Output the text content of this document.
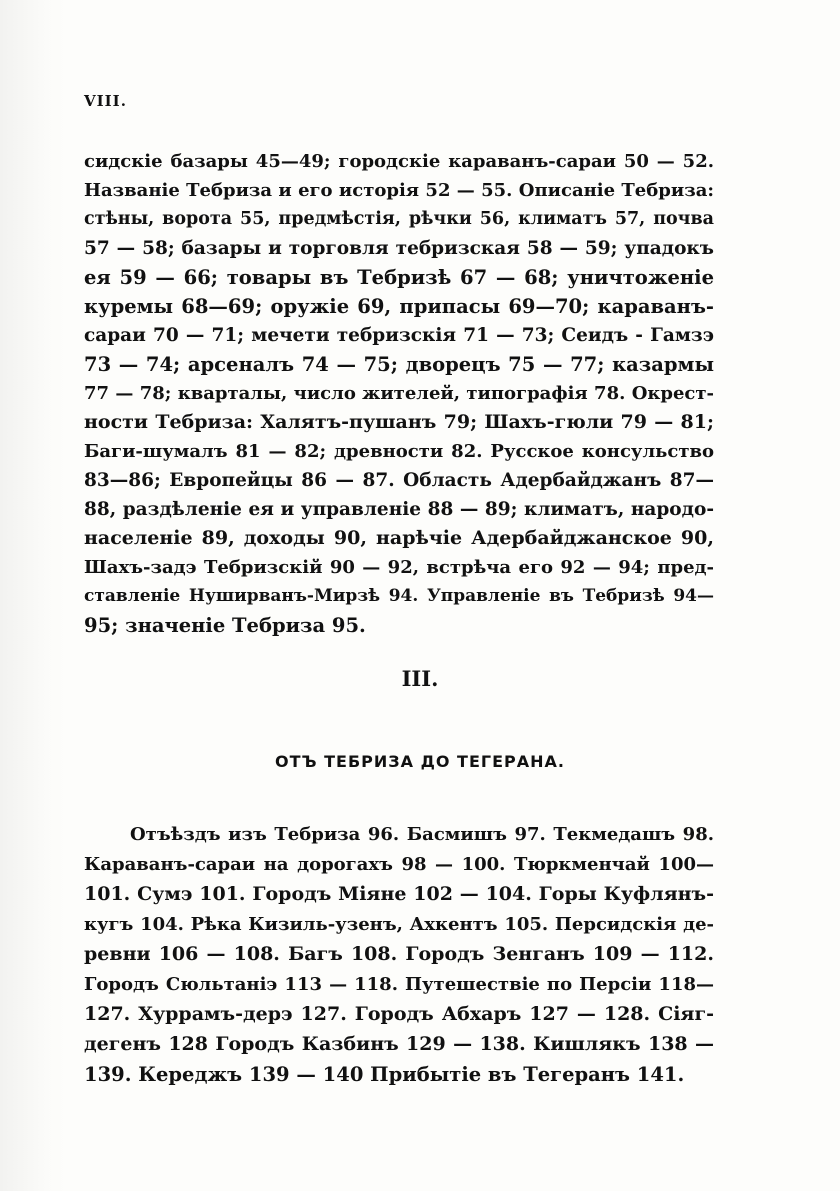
VIII.
сидскіе базары 45—49; городскіе караванъ-сараи 50 — 52.
Названіе Тебриза и его исторія 52 — 55. Описаніе Тебриза:
стѣны, ворота 55, предмѣстія, рѣчки 56, климатъ 57, почва
57 — 58; базары и торговля тебризская 58 — 59; упадокъ
ея 59 — 66; товары въ Тебризѣ 67 — 68; уничтоженіе
куремы 68—69; оружіе 69, припасы 69—70; караванъ-
сараи 70 — 71; мечети тебризскія 71 — 73; Сеидъ - Гамзэ
73 — 74; арсеналъ 74 — 75; дворецъ 75 — 77; казармы
77 — 78; кварталы, число жителей, типографія 78. Окрест-
ности Тебриза: Халятъ-пушанъ 79; Шахъ-гюли 79 — 81;
Баги-шумалъ 81 — 82; древности 82. Русское консульство
83—86; Европейцы 86 — 87. Область Адербайджанъ 87—
88, раздѣленіе ея и управленіе 88 — 89; климатъ, народо-
населеніе 89, доходы 90, нарѣчіе Адербайджанское 90,
Шахъ-задэ Тебризскій 90 — 92, встрѣча его 92 — 94; пред-
ставленіе Нуширванъ-Мирзѣ 94. Управленіе въ Тебризѣ 94—
95; значеніе Тебриза 95.
III.
ОТЪ ТЕБРИЗА ДО ТЕГЕРАНА.
Отъѣздъ изъ Тебриза 96. Басмишъ 97. Текмедашъ 98.
Караванъ-сараи на дорогахъ 98 — 100. Тюркменчай 100—
101. Сумэ 101. Городъ Міяне 102 — 104. Горы Куфлянъ-
кугъ 104. Рѣка Кизиль-узенъ, Ахкентъ 105. Персидскія де-
ревни 106 — 108. Багъ 108. Городъ Зенганъ 109 — 112.
Городъ Сюльтаніэ 113 — 118. Путешествіе по Персіи 118—
127. Хуррамъ-дерэ 127. Городъ Абхаръ 127 — 128. Сіяг-
дегенъ 128 Городъ Казбинъ 129 — 138. Кишлякъ 138 —
139. Кереджъ 139 — 140 Прибытіе въ Тегеранъ 141.
